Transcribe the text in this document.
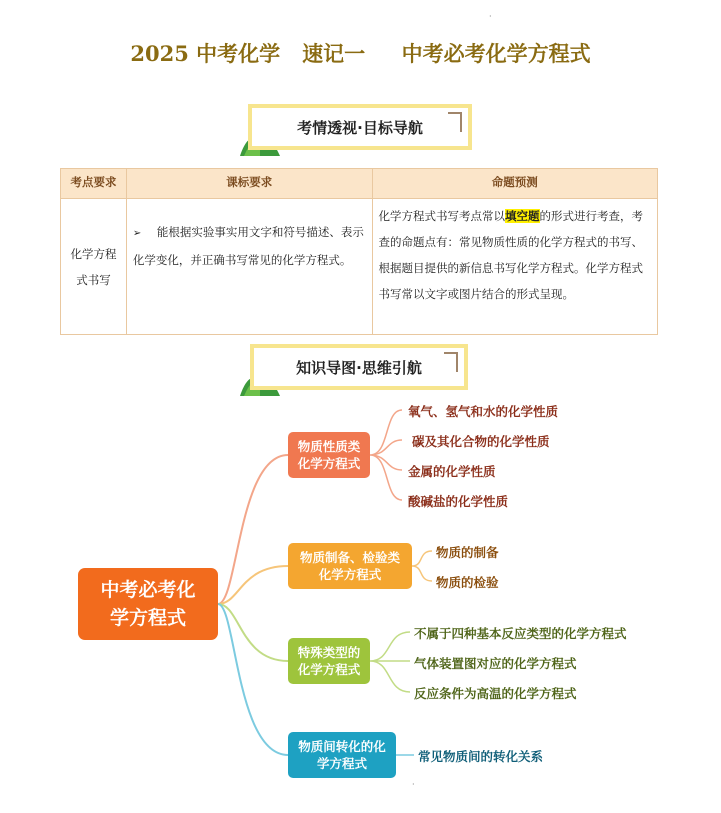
·
·
2025 中考化学   速记一     中考必考化学方程式
考情透视·目标导航
考点要求	课标要求	命题预测
化学方程式书写	➢ 能根据实验事实用文字和符号描述、表示化学变化，并正确书写常见的化学方程式。	化学方程式书写考点常以填空题的形式进行考查，考查的命题点有：常见物质性质的化学方程式的书写、根据题目提供的新信息书写化学方程式。化学方程式书写常以文字或图片结合的形式呈现。
知识导图·思维引航
中考必考化学方程式
物质性质类化学方程式
物质制备、检验类化学方程式
特殊类型的化学方程式
物质间转化的化学方程式
氧气、氢气和水的化学性质
碳及其化合物的化学性质
金属的化学性质
酸碱盐的化学性质
物质的制备
物质的检验
不属于四种基本反应类型的化学方程式
气体装置图对应的化学方程式
反应条件为高温的化学方程式
常见物质间的转化关系
